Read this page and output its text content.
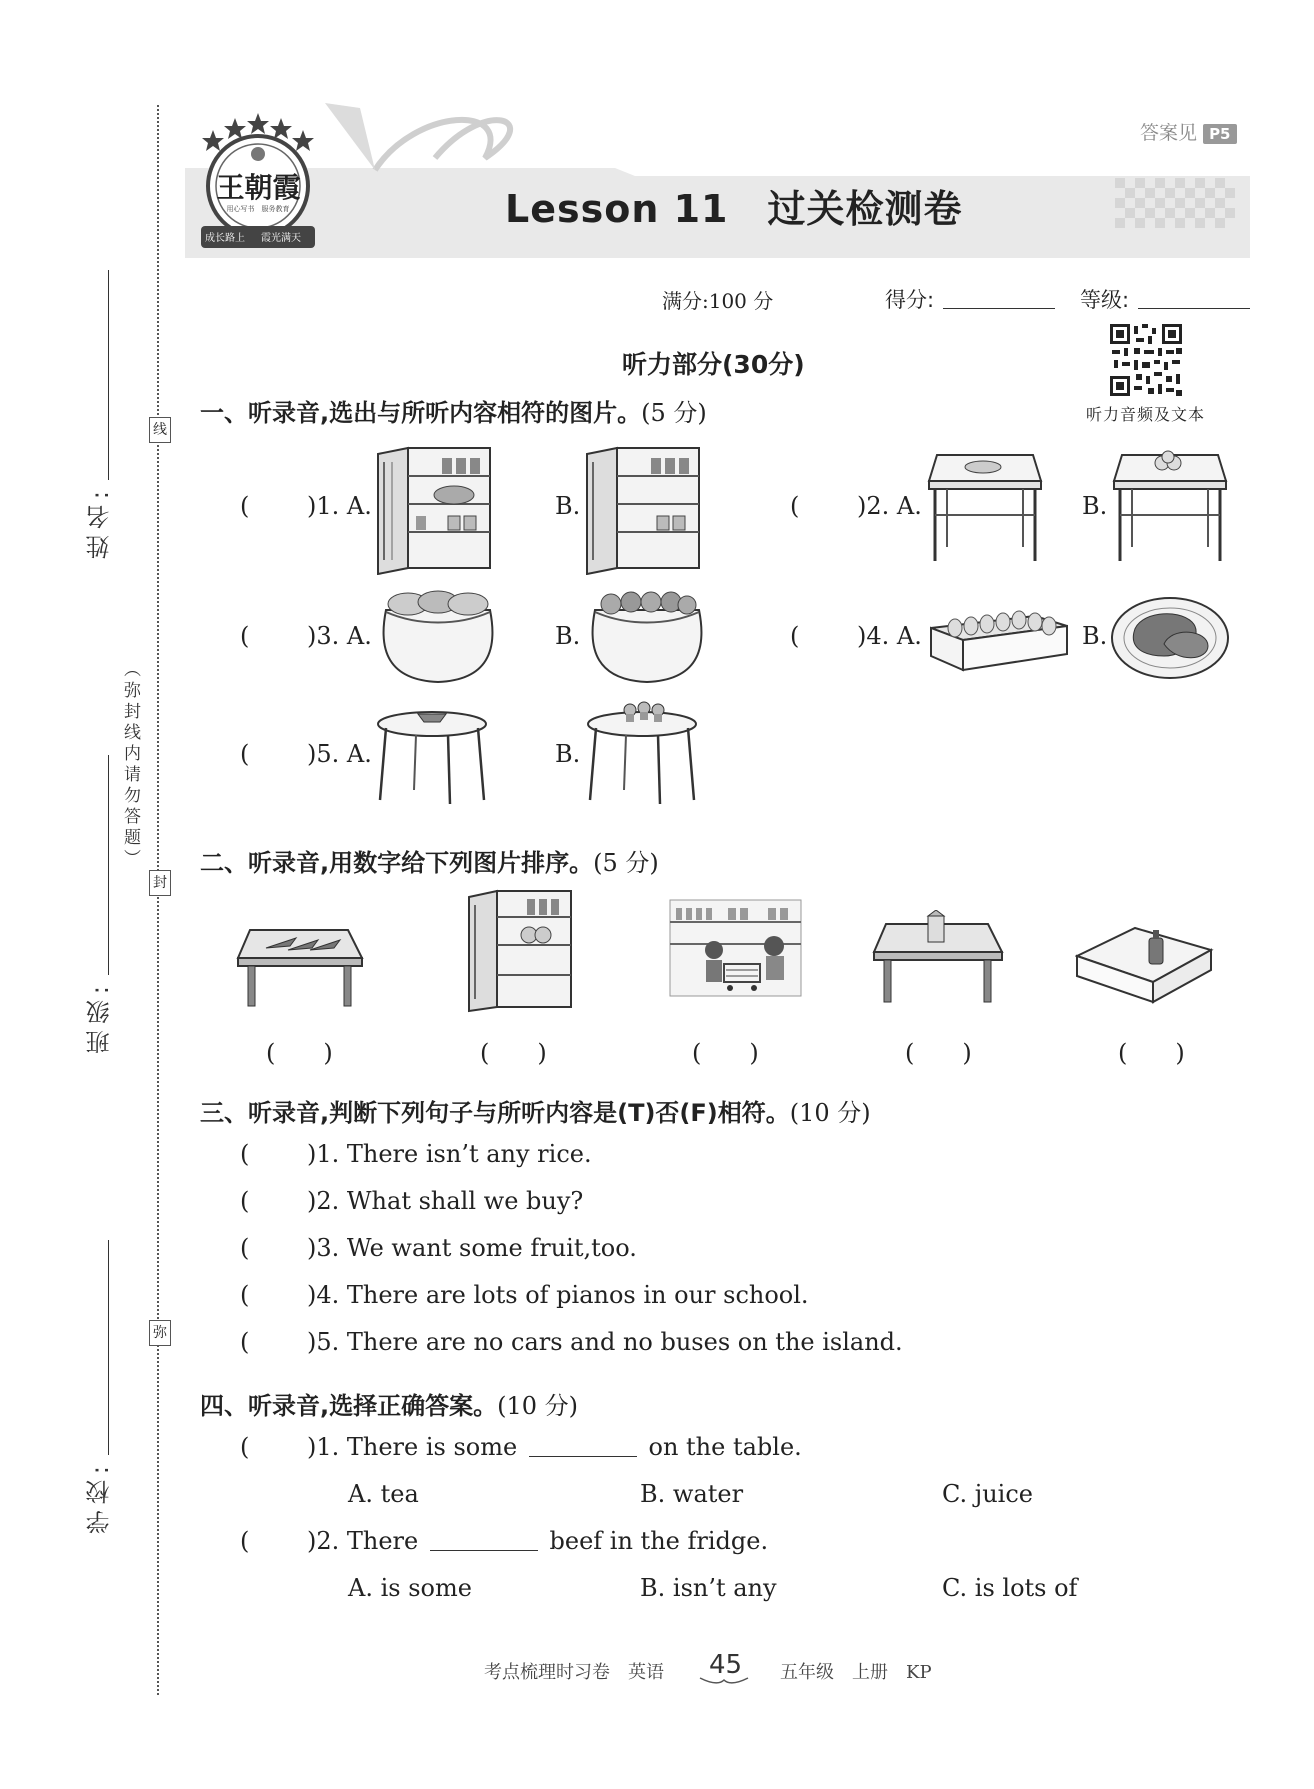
姓名:
班级:
学校:
（弥封线内请勿答题）
线
封
弥
王朝霞
用心写书　服务教育
成长路上 霞光满天
答案见 P5
Lesson 11　过关检测卷
满分:100 分	得分:	等级:
听力音频及文本
听力部分(30分)
一、听录音,选出与所听内容相符的图片。(5 分)
( )1. A.	B.	( )2. A.	B.
( )3. A.	B.	( )4. A.	B.
( )5. A.	B.
二、听录音,用数字给下列图片排序。(5 分)
(　　)	(　　)	(　　)	(　　)	(　　)
三、听录音,判断下列句子与所听内容是(T)否(F)相符。(10 分)
( )1. There isn’t any rice.
( )2. What shall we buy?
( )3. We want some fruit,too.
( )4. There are lots of pianos in our school.
( )5. There are no cars and no buses on the island.
四、听录音,选择正确答案。(10 分)
( )1. There is some	on the table.
A. tea	B. water	C. juice
( )2. There	beef in the fridge.
A. is some	B. isn’t any	C. is lots of
考点梳理时习卷　英语 45 五年级　上册　KP
